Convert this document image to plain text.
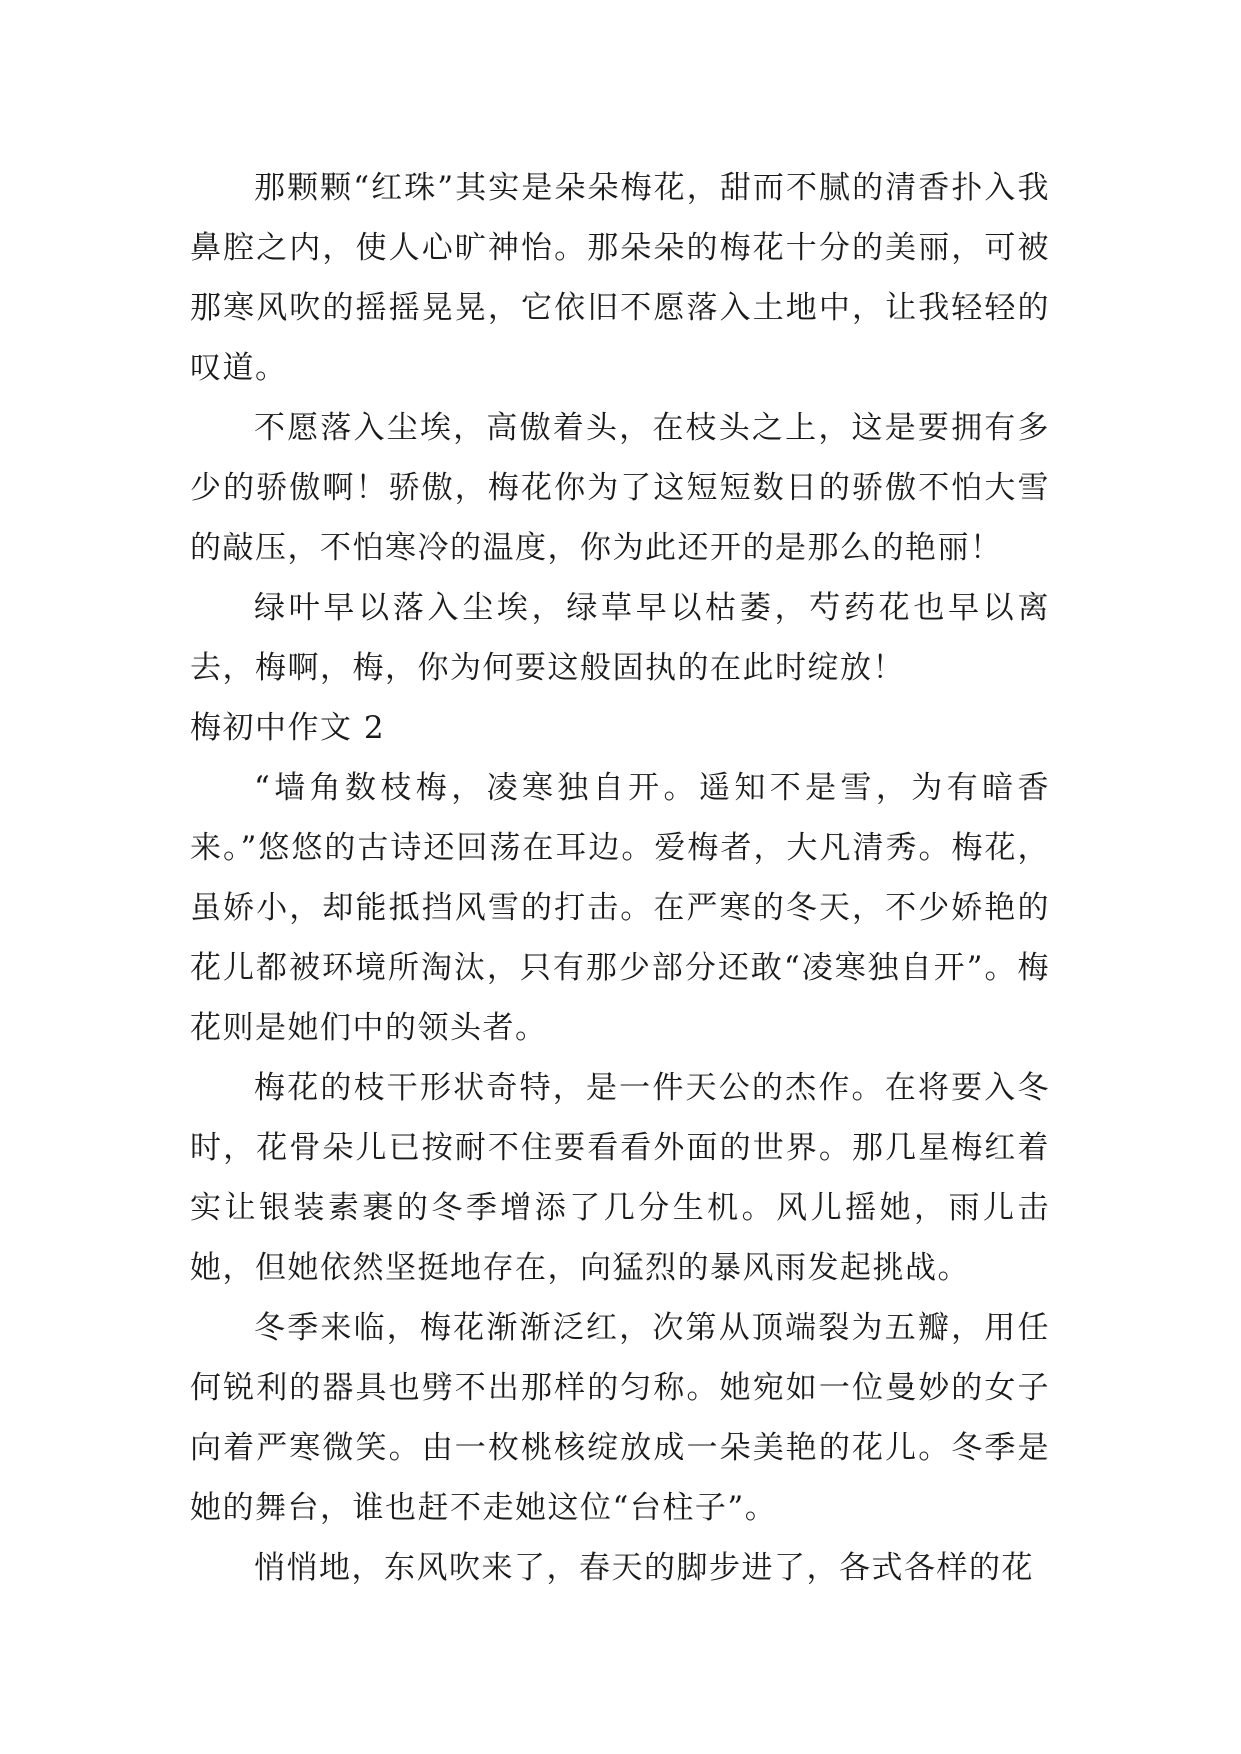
那颗颗“红珠”其实是朵朵梅花，甜而不腻的清香扑入我鼻腔之内，使人心旷神怡。那朵朵的梅花十分的美丽，可被那寒风吹的摇摇晃晃，它依旧不愿落入土地中，让我轻轻的叹道。

不愿落入尘埃，高傲着头，在枝头之上，这是要拥有多少的骄傲啊！骄傲，梅花你为了这短短数日的骄傲不怕大雪的敲压，不怕寒冷的温度，你为此还开的是那么的艳丽！

绿叶早以落入尘埃，绿草早以枯萎，芍药花也早以离去，梅啊，梅，你为何要这般固执的在此时绽放！

梅初中作文 2

“墙角数枝梅，凌寒独自开。遥知不是雪，为有暗香来。”悠悠的古诗还回荡在耳边。爱梅者，大凡清秀。梅花，虽娇小，却能抵挡风雪的打击。在严寒的冬天，不少娇艳的花儿都被环境所淘汰，只有那少部分还敢“凌寒独自开”。梅花则是她们中的领头者。

梅花的枝干形状奇特，是一件天公的杰作。在将要入冬时，花骨朵儿已按耐不住要看看外面的世界。那几星梅红着实让银装素裹的冬季增添了几分生机。风儿摇她，雨儿击她，但她依然坚挺地存在，向猛烈的暴风雨发起挑战。

冬季来临，梅花渐渐泛红，次第从顶端裂为五瓣，用任何锐利的器具也劈不出那样的匀称。她宛如一位曼妙的女子向着严寒微笑。由一枚桃核绽放成一朵美艳的花儿。冬季是她的舞台，谁也赶不走她这位“台柱子”。

悄悄地，东风吹来了，春天的脚步进了，各式各样的花
